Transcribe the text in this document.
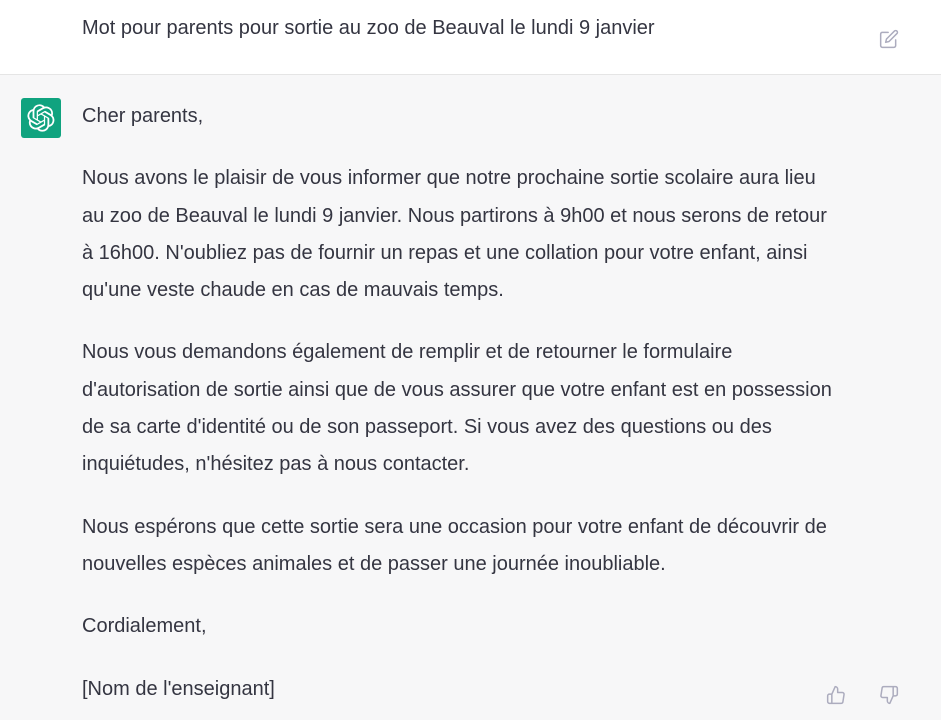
Mot pour parents pour sortie au zoo de Beauval le lundi 9 janvier

Cher parents,

Nous avons le plaisir de vous informer que notre prochaine sortie scolaire aura lieu au zoo de Beauval le lundi 9 janvier. Nous partirons à 9h00 et nous serons de retour à 16h00. N'oubliez pas de fournir un repas et une collation pour votre enfant, ainsi qu'une veste chaude en cas de mauvais temps.

Nous vous demandons également de remplir et de retourner le formulaire d'autorisation de sortie ainsi que de vous assurer que votre enfant est en possession de sa carte d'identité ou de son passeport. Si vous avez des questions ou des inquiétudes, n'hésitez pas à nous contacter.

Nous espérons que cette sortie sera une occasion pour votre enfant de découvrir de nouvelles espèces animales et de passer une journée inoubliable.

Cordialement,

[Nom de l'enseignant]
